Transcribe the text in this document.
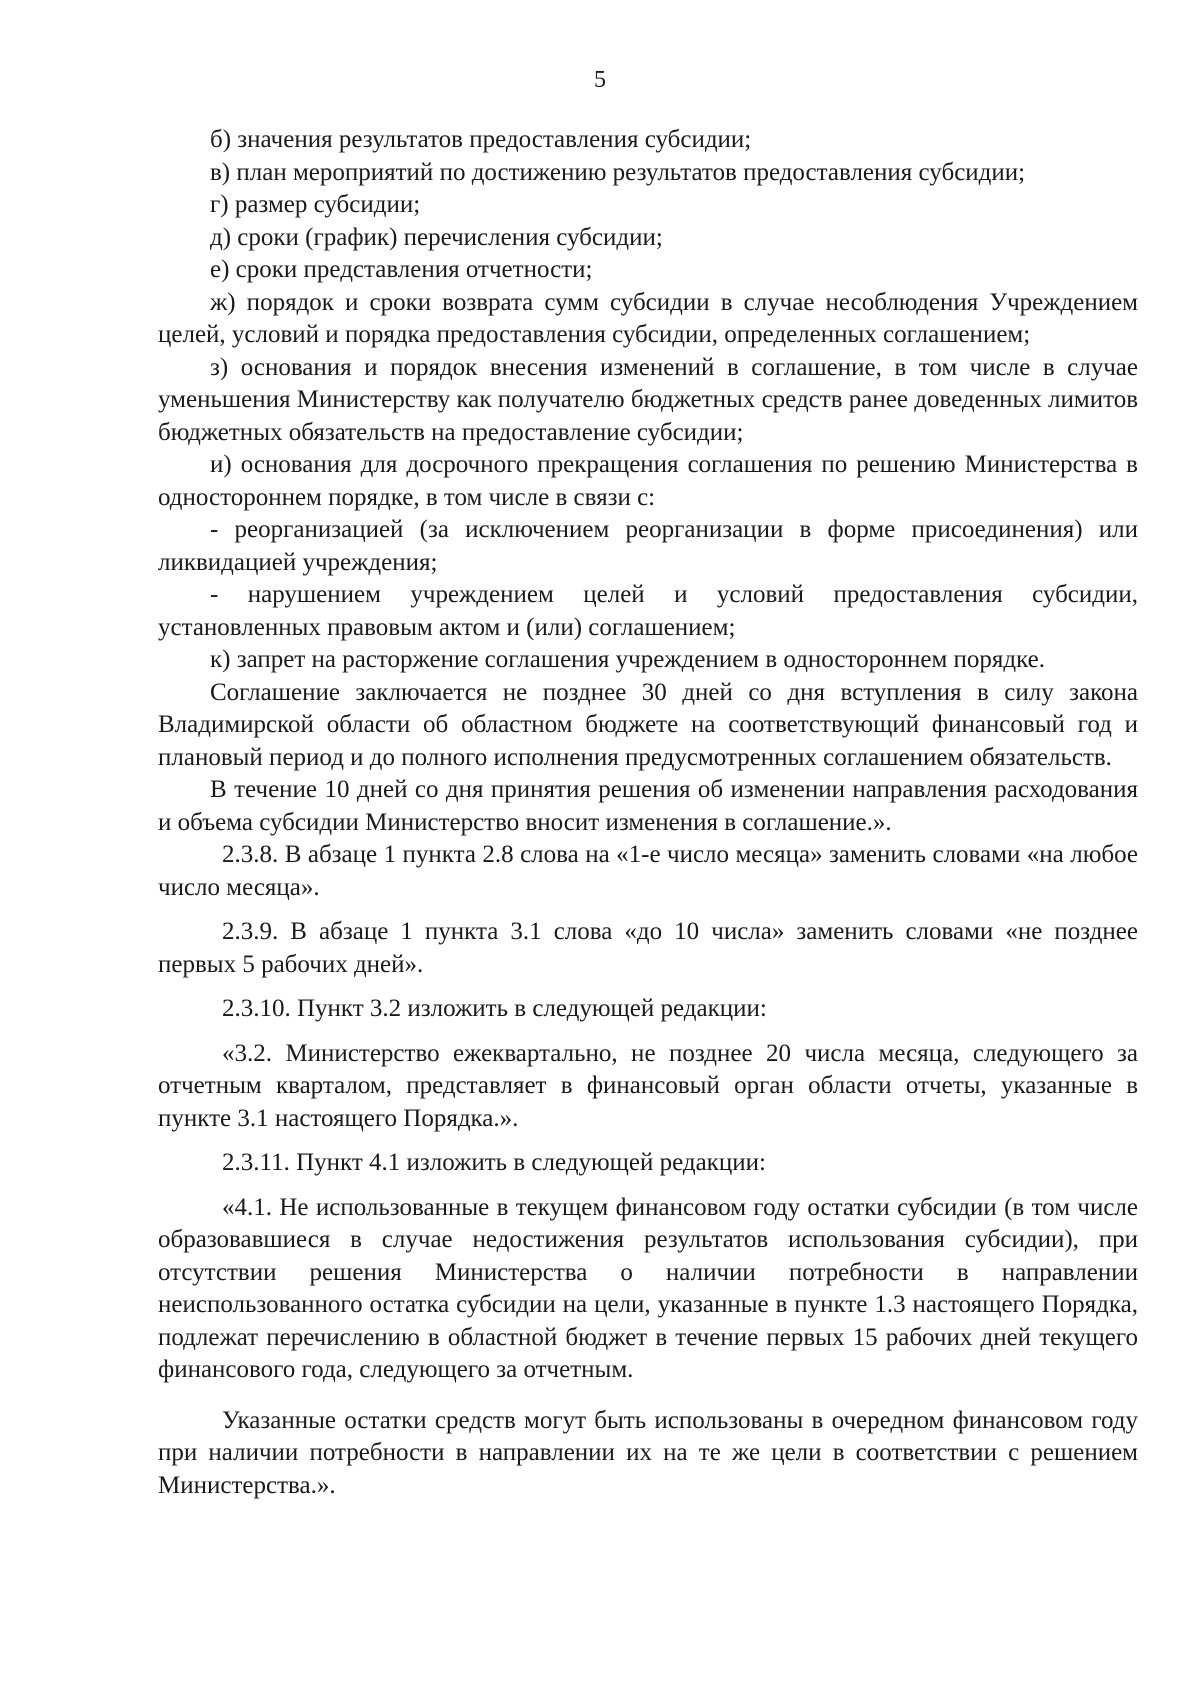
5

б) значения результатов предоставления субсидии;

в) план мероприятий по достижению результатов предоставления субсидии;

г) размер субсидии;

д) сроки (график) перечисления субсидии;

е) сроки представления отчетности;

ж) порядок и сроки возврата сумм субсидии в случае несоблюдения Учреждением целей, условий и порядка предоставления субсидии, определенных соглашением;

з) основания и порядок внесения изменений в соглашение, в том числе в случае уменьшения Министерству как получателю бюджетных средств ранее доведенных лимитов бюджетных обязательств на предоставление субсидии;

и) основания для досрочного прекращения соглашения по решению Министерства в одностороннем порядке, в том числе в связи с:

- реорганизацией (за исключением реорганизации в форме присоединения) или ликвидацией учреждения;

- нарушением учреждением целей и условий предоставления субсидии, установленных правовым актом и (или) соглашением;

к) запрет на расторжение соглашения учреждением в одностороннем порядке.

Соглашение заключается не позднее 30 дней со дня вступления в силу закона Владимирской области об областном бюджете на соответствующий финансовый год и плановый период и до полного исполнения предусмотренных соглашением обязательств.

В течение 10 дней со дня принятия решения об изменении направления расходования и объема субсидии Министерство вносит изменения в соглашение.».

2.3.8. В абзаце 1 пункта 2.8 слова на «1-е число месяца» заменить словами «на любое число месяца».

2.3.9. В абзаце 1 пункта 3.1 слова «до 10 числа» заменить словами «не позднее первых 5 рабочих дней».

2.3.10. Пункт 3.2 изложить в следующей редакции:

«3.2. Министерство ежеквартально, не позднее 20 числа месяца, следующего за отчетным кварталом, представляет в финансовый орган области отчеты, указанные в пункте 3.1 настоящего Порядка.».

2.3.11. Пункт 4.1 изложить в следующей редакции:

«4.1. Не использованные в текущем финансовом году остатки субсидии (в том числе образовавшиеся в случае недостижения результатов использования субсидии), при отсутствии решения Министерства о наличии потребности в направлении неиспользованного остатка субсидии на цели, указанные в пункте 1.3 настоящего Порядка, подлежат перечислению в областной бюджет в течение первых 15 рабочих дней текущего финансового года, следующего за отчетным.

Указанные остатки средств могут быть использованы в очередном финансовом году при наличии потребности в направлении их на те же цели в соответствии с решением Министерства.».
